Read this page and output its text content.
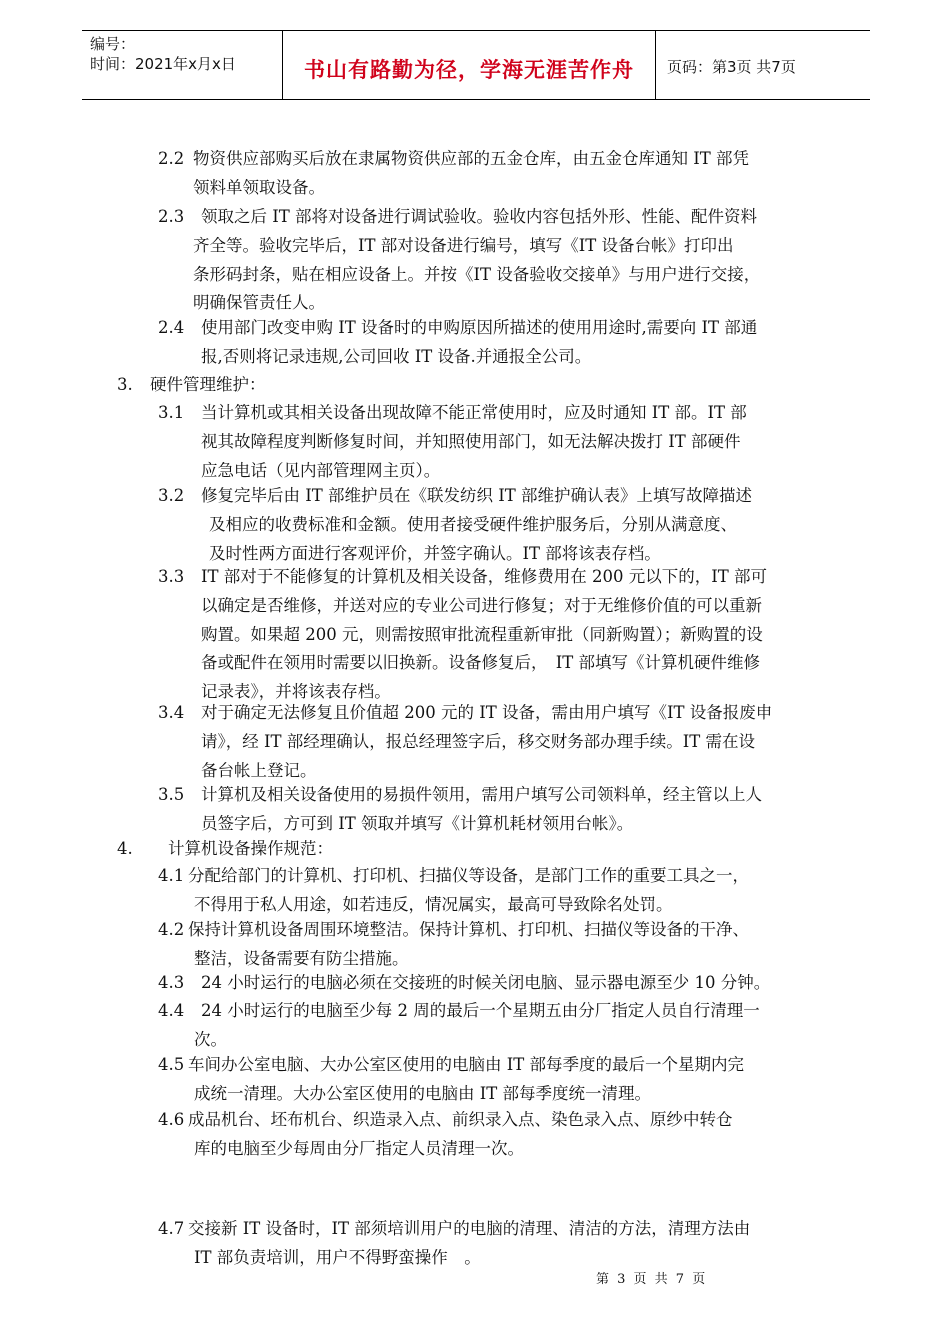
编号：
时间：2021年x月x日	书山有路勤为径，学海无涯苦作舟	页码：第3页 共7页
2.2 物资供应部购买后放在隶属物资供应部的五金仓库，由五金仓库通知 IT 部凭
领料单领取设备。
2.3 领取之后 IT 部将对设备进行调试验收。验收内容包括外形、性能、配件资料
齐全等。验收完毕后，IT 部对设备进行编号，填写《IT 设备台帐》打印出
条形码封条，贴在相应设备上。并按《IT 设备验收交接单》与用户进行交接，
明确保管责任人。
2.4 使用部门改变申购 IT 设备时的申购原因所描述的使用用途时,需要向 IT 部通
报,否则将记录违规,公司回收 IT 设备.并通报全公司。
3. 硬件管理维护：
3.1 当计算机或其相关设备出现故障不能正常使用时，应及时通知 IT 部。IT 部
视其故障程度判断修复时间，并知照使用部门，如无法解决拨打 IT 部硬件
应急电话（见内部管理网主页）。
3.2 修复完毕后由 IT 部维护员在《联发纺织 IT 部维护确认表》上填写故障描述
及相应的收费标准和金额。使用者接受硬件维护服务后，分别从满意度、
及时性两方面进行客观评价，并签字确认。IT 部将该表存档。
3.3 IT 部对于不能修复的计算机及相关设备，维修费用在 200 元以下的，IT 部可
以确定是否维修，并送对应的专业公司进行修复；对于无维修价值的可以重新
购置。如果超 200 元，则需按照审批流程重新审批（同新购置）；新购置的设
备或配件在领用时需要以旧换新。设备修复后，　IT 部填写《计算机硬件维修
记录表》，并将该表存档。
3.4 对于确定无法修复且价值超 200 元的 IT 设备，需由用户填写《IT 设备报废申
请》，经 IT 部经理确认，报总经理签字后，移交财务部办理手续。IT 需在设
备台帐上登记。
3.5 计算机及相关设备使用的易损件领用，需用户填写公司领料单，经主管以上人
员签字后，方可到 IT 领取并填写《计算机耗材领用台帐》。
4. 计算机设备操作规范：
4.1 分配给部门的计算机、打印机、扫描仪等设备，是部门工作的重要工具之一，
不得用于私人用途，如若违反，情况属实，最高可导致除名处罚。
4.2 保持计算机设备周围环境整洁。保持计算机、打印机、扫描仪等设备的干净、
整洁，设备需要有防尘措施。
4.3 24 小时运行的电脑必须在交接班的时候关闭电脑、显示器电源至少 10 分钟。
4.4 24 小时运行的电脑至少每 2 周的最后一个星期五由分厂指定人员自行清理一
次。
4.5 车间办公室电脑、大办公室区使用的电脑由 IT 部每季度的最后一个星期内完
成统一清理。大办公室区使用的电脑由 IT 部每季度统一清理。
4.6 成品机台、坯布机台、织造录入点、前织录入点、染色录入点、原纱中转仓
库的电脑至少每周由分厂指定人员清理一次。
4.7 交接新 IT 设备时，IT 部须培训用户的电脑的清理、清洁的方法，清理方法由
IT 部负责培训，用户不得野蛮操作　。
第 3 页 共 7 页
